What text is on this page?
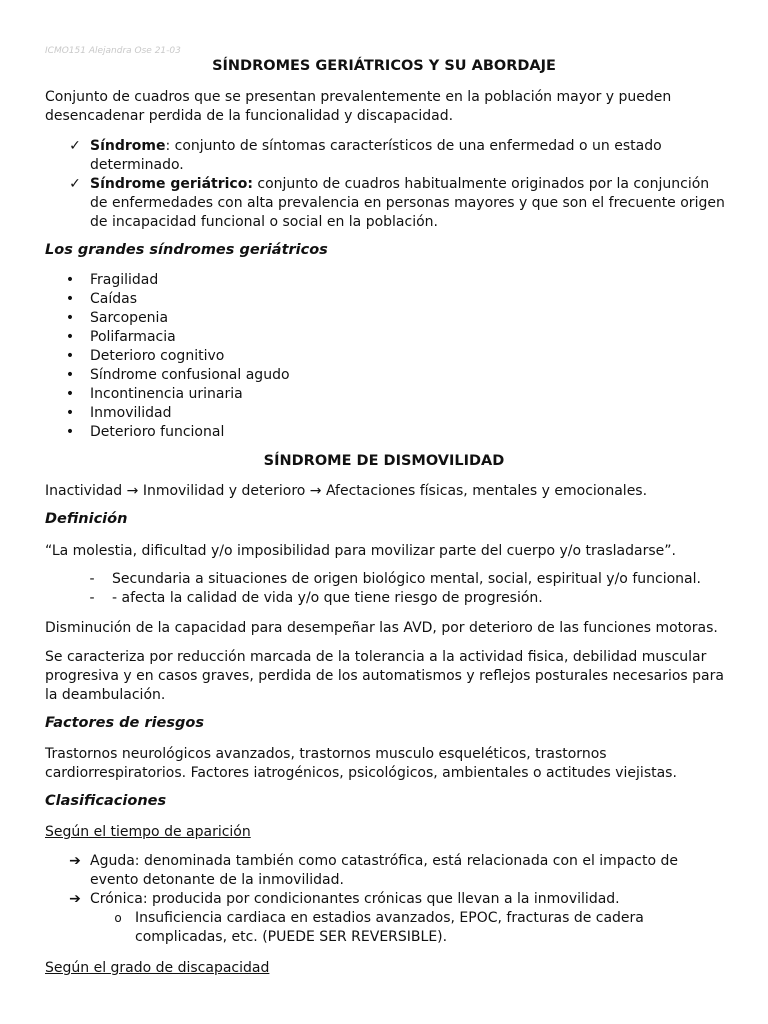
ICMO151 Alejandra Ose 21-03
SÍNDROMES GERIÁTRICOS Y SU ABORDAJE

Conjunto de cuadros que se presentan prevalentemente en la población mayor y pueden desencadenar perdida de la funcionalidad y discapacidad.

✓ Síndrome: conjunto de síntomas característicos de una enfermedad o un estado determinado.
✓ Síndrome geriátrico: conjunto de cuadros habitualmente originados por la conjunción de enfermedades con alta prevalencia en personas mayores y que son el frecuente origen de incapacidad funcional o social en la población.
Los grandes síndromes geriátricos
•	Fragilidad
•	Caídas
•	Sarcopenia
•	Polifarmacia
•	Deterioro cognitivo
•	Síndrome confusional agudo
•	Incontinencia urinaria
•	Inmovilidad
•	Deterioro funcional
SÍNDROME DE DISMOVILIDAD

Inactividad → Inmovilidad y deterioro → Afectaciones físicas, mentales y emocionales.

Definición

“La molestia, dificultad y/o imposibilidad para movilizar parte del cuerpo y/o trasladarse”.

-	Secundaria a situaciones de origen biológico mental, social, espiritual y/o funcional.
-	- afecta la calidad de vida y/o que tiene riesgo de progresión.

Disminución de la capacidad para desempeñar las AVD, por deterioro de las funciones motoras.

Se caracteriza por reducción marcada de la tolerancia a la actividad fisica, debilidad muscular progresiva y en casos graves, perdida de los automatismos y reflejos posturales necesarios para la deambulación.

Factores de riesgos

Trastornos neurológicos avanzados, trastornos musculo esqueléticos, trastornos cardiorrespiratorios. Factores iatrogénicos, psicológicos, ambientales o actitudes viejistas.

Clasificaciones
Según el tiempo de aparición
➔ Aguda: denominada también como catastrófica, está relacionada con el impacto de evento detonante de la inmovilidad.
➔ Crónica: producida por condicionantes crónicas que llevan a la inmovilidad.
o Insuficiencia cardiaca en estadios avanzados, EPOC, fracturas de cadera complicadas, etc. (PUEDE SER REVERSIBLE).
Según el grado de discapacidad
